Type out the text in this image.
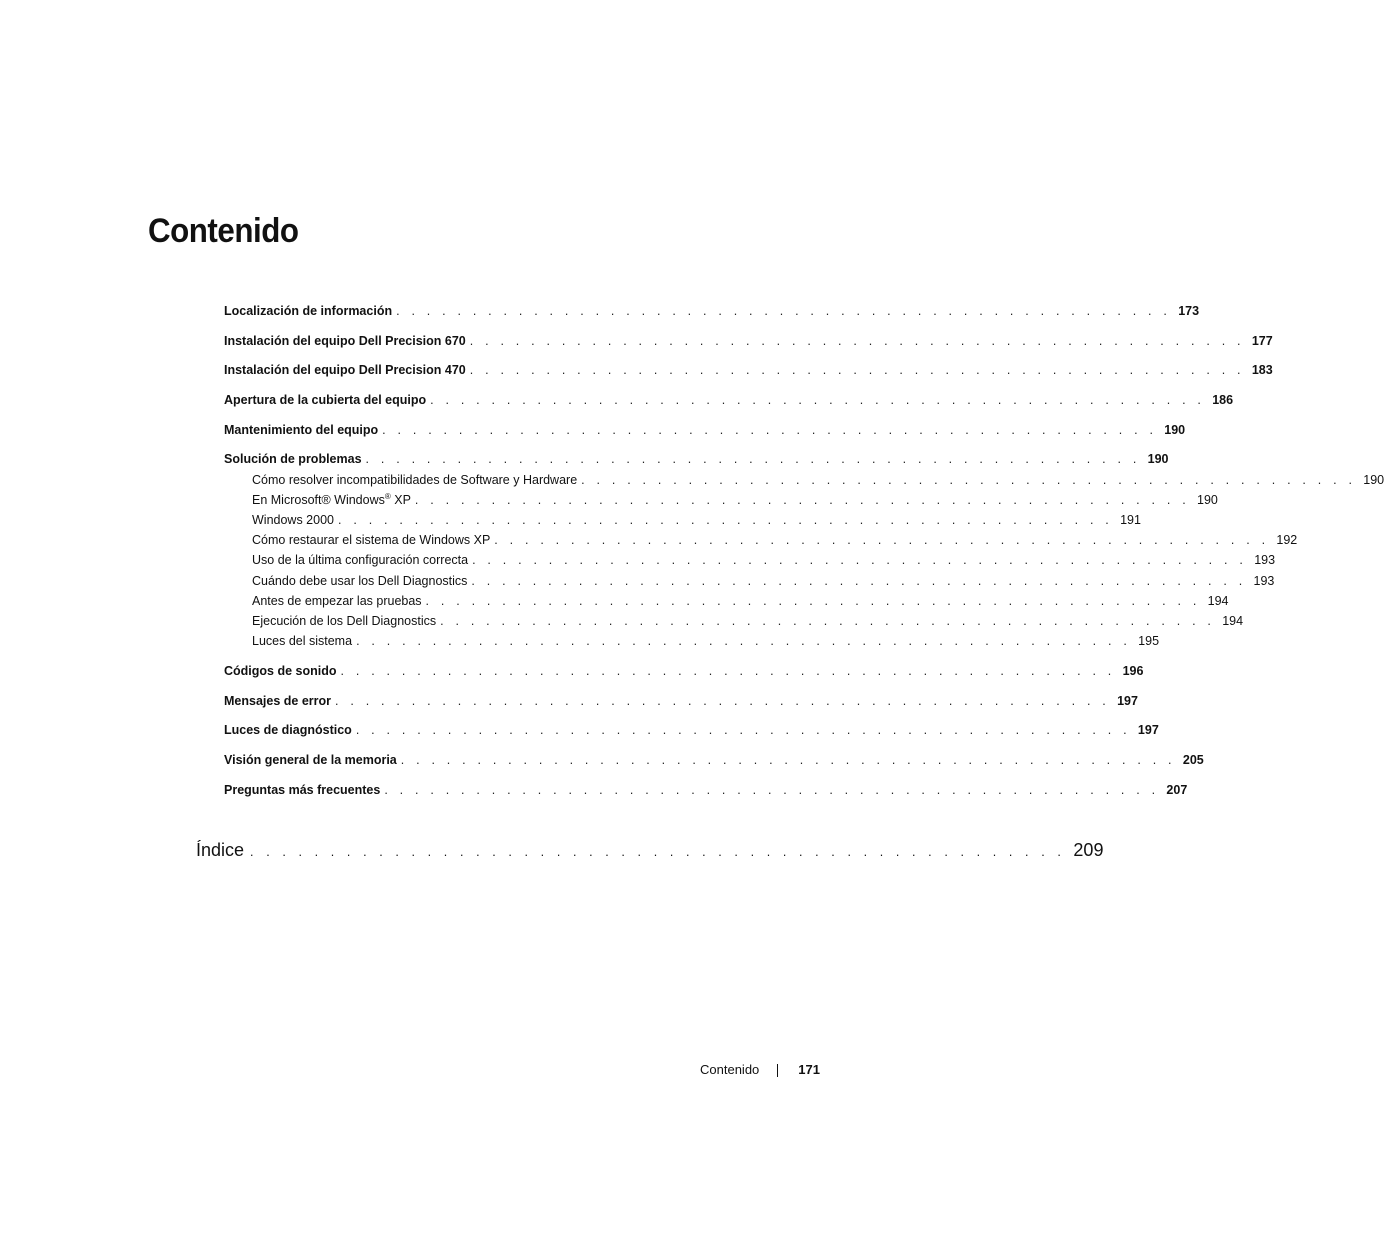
Contenido
Localización de información . . . . . . . . . . . . . . . . . . . . . . . . . . . . . . . . . . . . . . . . . . . . . . . . . . . 173
Instalación del equipo Dell Precision 670 . . . . . . . . . . . . . . . . . . . . . . . . . . . . . . . . . . . . . . . . . . . . . . . . . . . 177
Instalación del equipo Dell Precision 470 . . . . . . . . . . . . . . . . . . . . . . . . . . . . . . . . . . . . . . . . . . . . . . . . . . . 183
Apertura de la cubierta del equipo . . . . . . . . . . . . . . . . . . . . . . . . . . . . . . . . . . . . . . . . . . . . . . . . . . . 186
Mantenimiento del equipo . . . . . . . . . . . . . . . . . . . . . . . . . . . . . . . . . . . . . . . . . . . . . . . . . . . 190
Solución de problemas . . . . . . . . . . . . . . . . . . . . . . . . . . . . . . . . . . . . . . . . . . . . . . . . . . . 190
Cómo resolver incompatibilidades de Software y Hardware . . . . . . . . . . . . . . . . . . . . . . . . . . . . . . . . . . . . . . . . . . . . . . . . . . . 190
En Microsoft® Windows® XP . . . . . . . . . . . . . . . . . . . . . . . . . . . . . . . . . . . . . . . . . . . . . . . . . . . 190
Windows 2000 . . . . . . . . . . . . . . . . . . . . . . . . . . . . . . . . . . . . . . . . . . . . . . . . . . . 191
Cómo restaurar el sistema de Windows XP . . . . . . . . . . . . . . . . . . . . . . . . . . . . . . . . . . . . . . . . . . . . . . . . . . . 192
Uso de la última configuración correcta . . . . . . . . . . . . . . . . . . . . . . . . . . . . . . . . . . . . . . . . . . . . . . . . . . . 193
Cuándo debe usar los Dell Diagnostics . . . . . . . . . . . . . . . . . . . . . . . . . . . . . . . . . . . . . . . . . . . . . . . . . . . 193
Antes de empezar las pruebas . . . . . . . . . . . . . . . . . . . . . . . . . . . . . . . . . . . . . . . . . . . . . . . . . . . 194
Ejecución de los Dell Diagnostics . . . . . . . . . . . . . . . . . . . . . . . . . . . . . . . . . . . . . . . . . . . . . . . . . . . 194
Luces del sistema . . . . . . . . . . . . . . . . . . . . . . . . . . . . . . . . . . . . . . . . . . . . . . . . . . . 195
Códigos de sonido . . . . . . . . . . . . . . . . . . . . . . . . . . . . . . . . . . . . . . . . . . . . . . . . . . . 196
Mensajes de error . . . . . . . . . . . . . . . . . . . . . . . . . . . . . . . . . . . . . . . . . . . . . . . . . . . 197
Luces de diagnóstico . . . . . . . . . . . . . . . . . . . . . . . . . . . . . . . . . . . . . . . . . . . . . . . . . . . 197
Visión general de la memoria . . . . . . . . . . . . . . . . . . . . . . . . . . . . . . . . . . . . . . . . . . . . . . . . . . . 205
Preguntas más frecuentes . . . . . . . . . . . . . . . . . . . . . . . . . . . . . . . . . . . . . . . . . . . . . . . . . . . 207
Índice . . . . . . . . . . . . . . . . . . . . . . . . . . . . . . . . . . . . . . . . . . . . . . . . . . . 209
Contenido	171
